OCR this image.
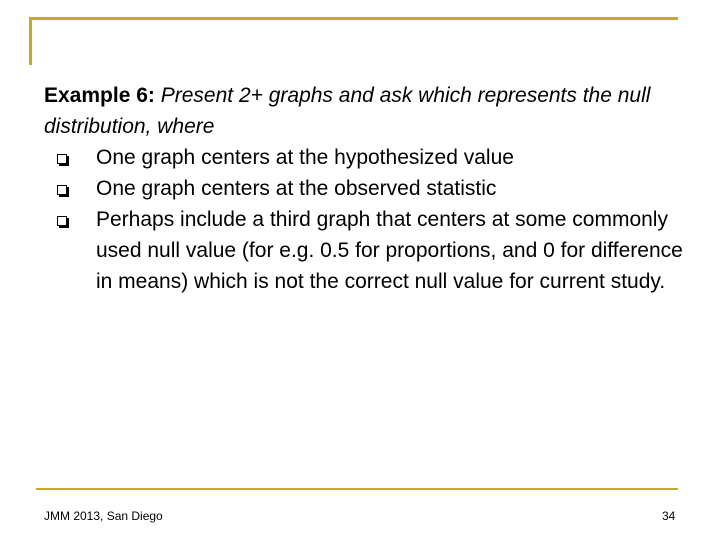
Example 6: Present 2+ graphs and ask which represents the null distribution, where

One graph centers at the hypothesized value
One graph centers at the observed statistic
Perhaps include a third graph that centers at some commonly used null value (for e.g. 0.5 for proportions, and 0 for difference in means) which is not the correct null value for current study.
JMM 2013, San Diego	34
